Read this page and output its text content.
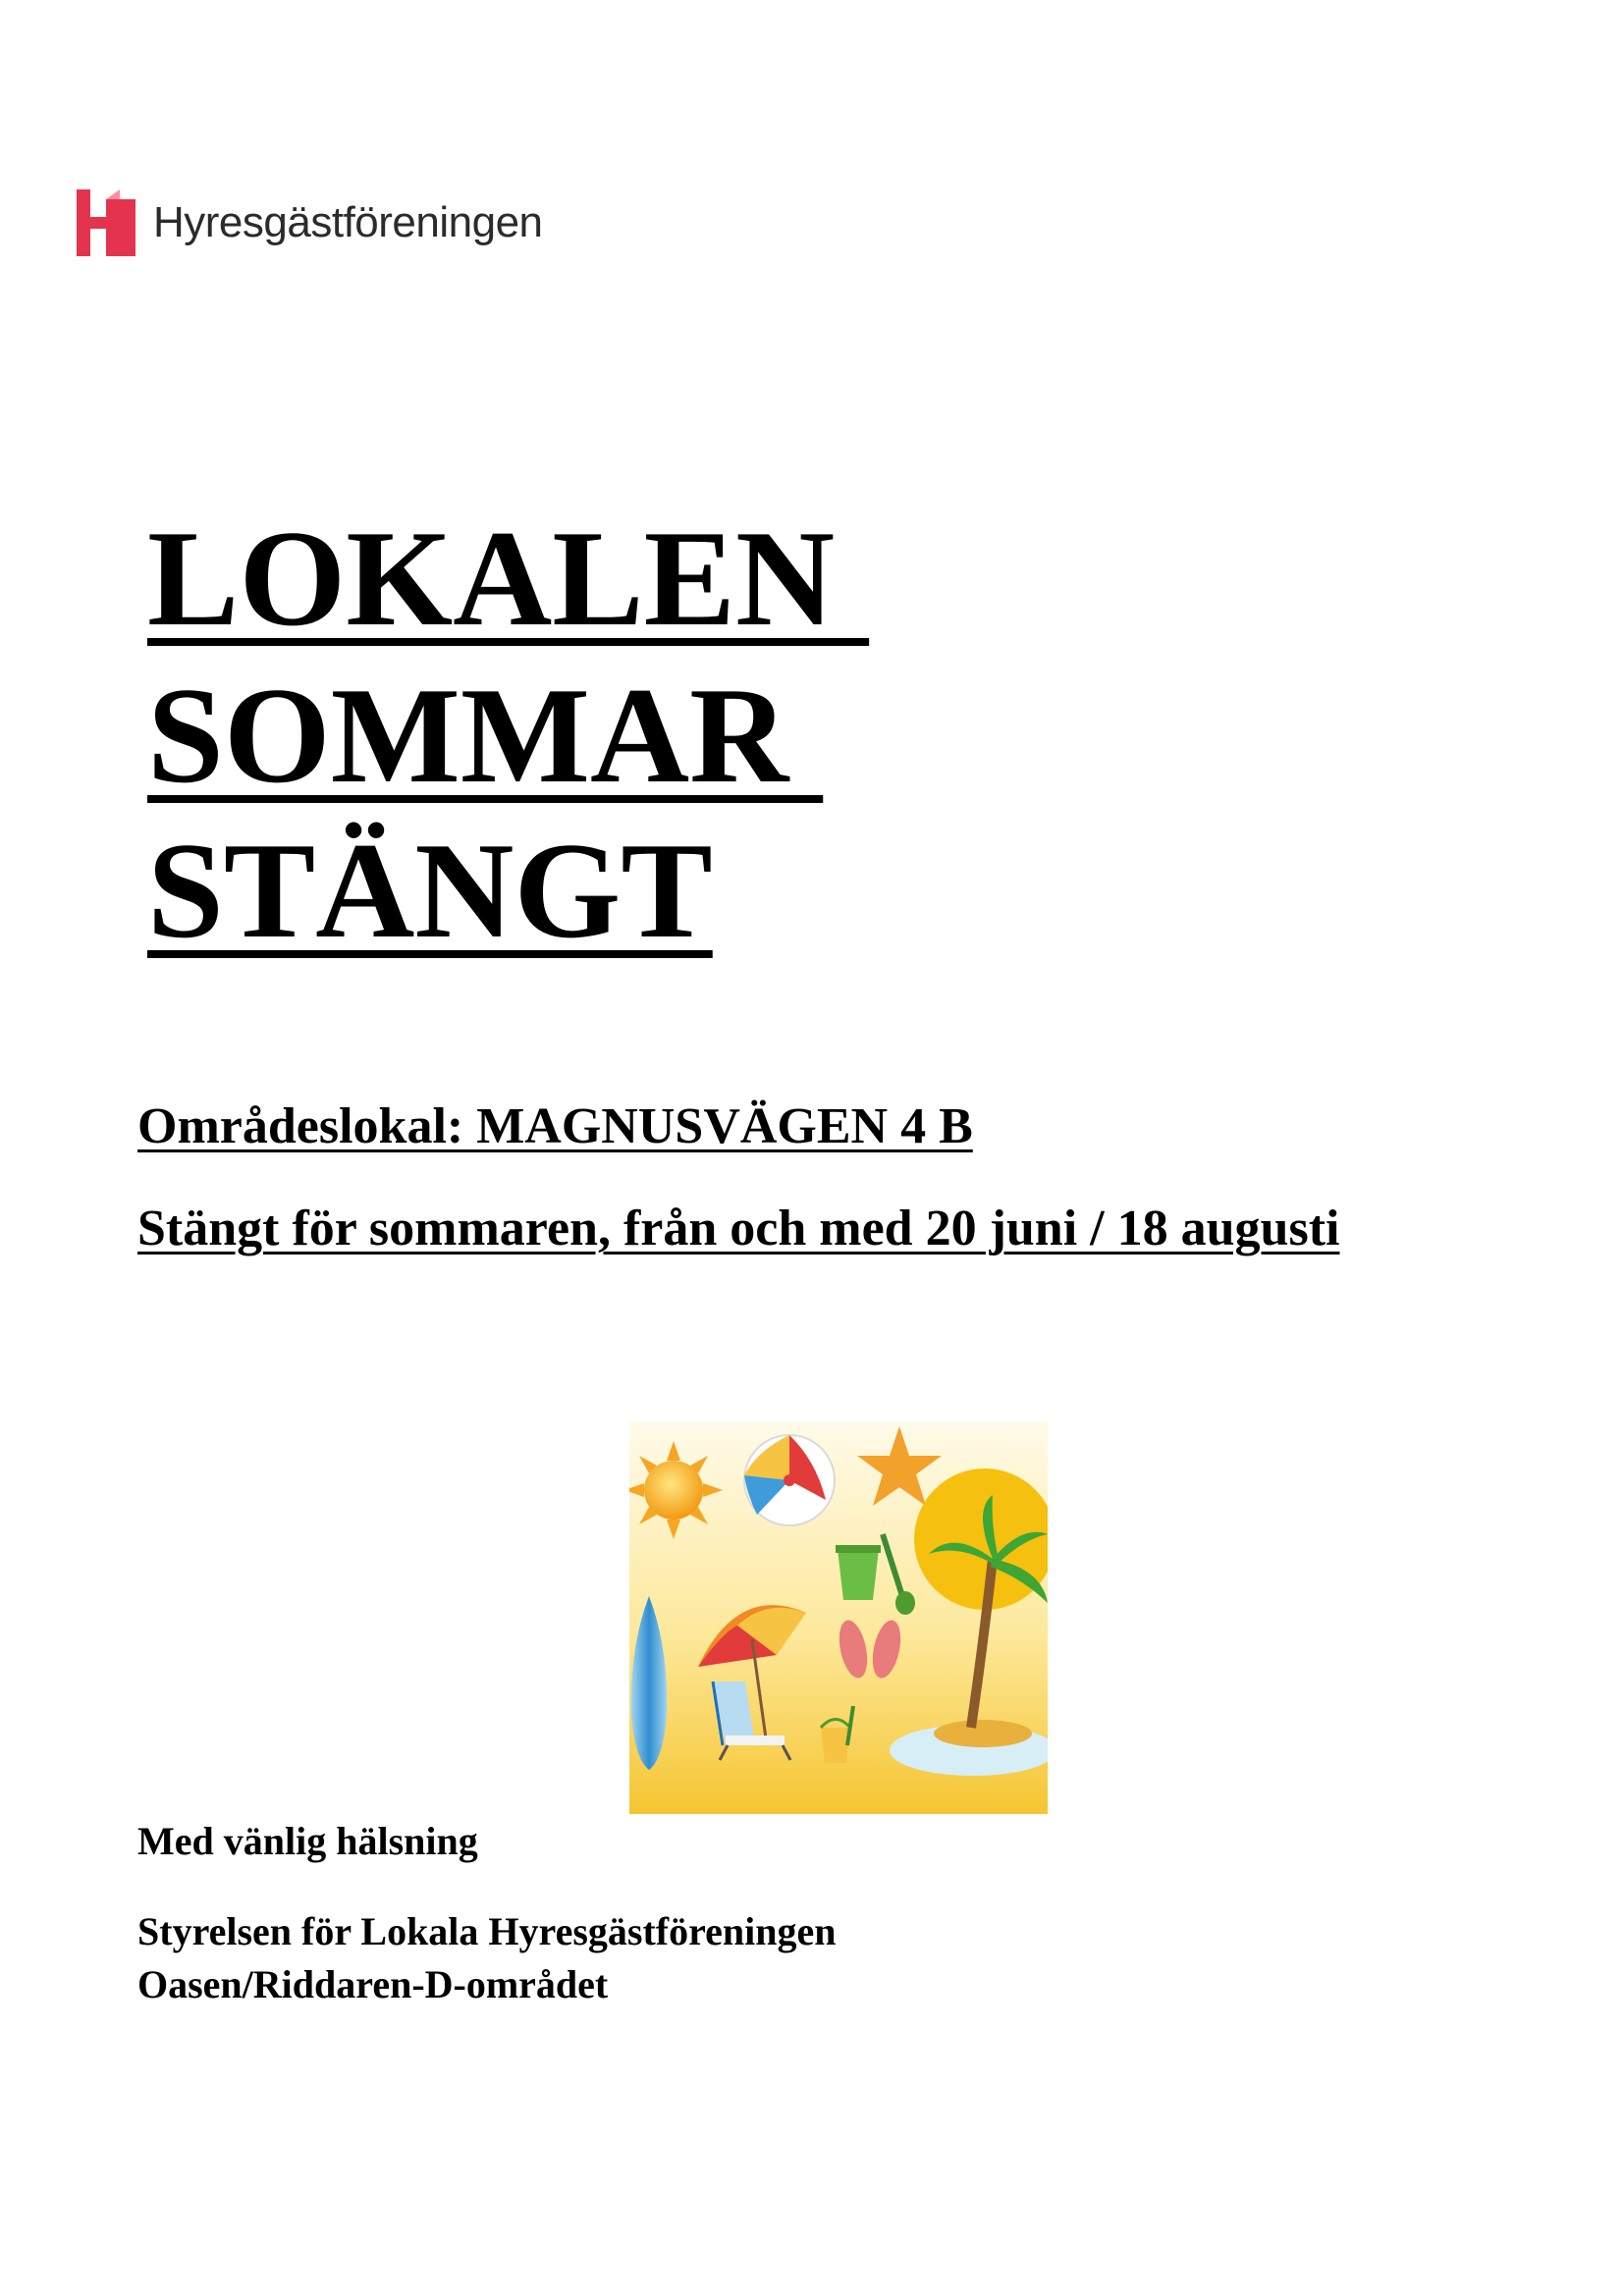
Hyresgästföreningen
LOKALEN
SOMMAR
STÄNGT

Områdeslokal: MAGNUSVÄGEN 4 B

Stängt för sommaren, från och med 20 juni / 18 augusti

Med vänlig hälsning

Styrelsen för Lokala Hyresgästföreningen

Oasen/Riddaren-D-området
